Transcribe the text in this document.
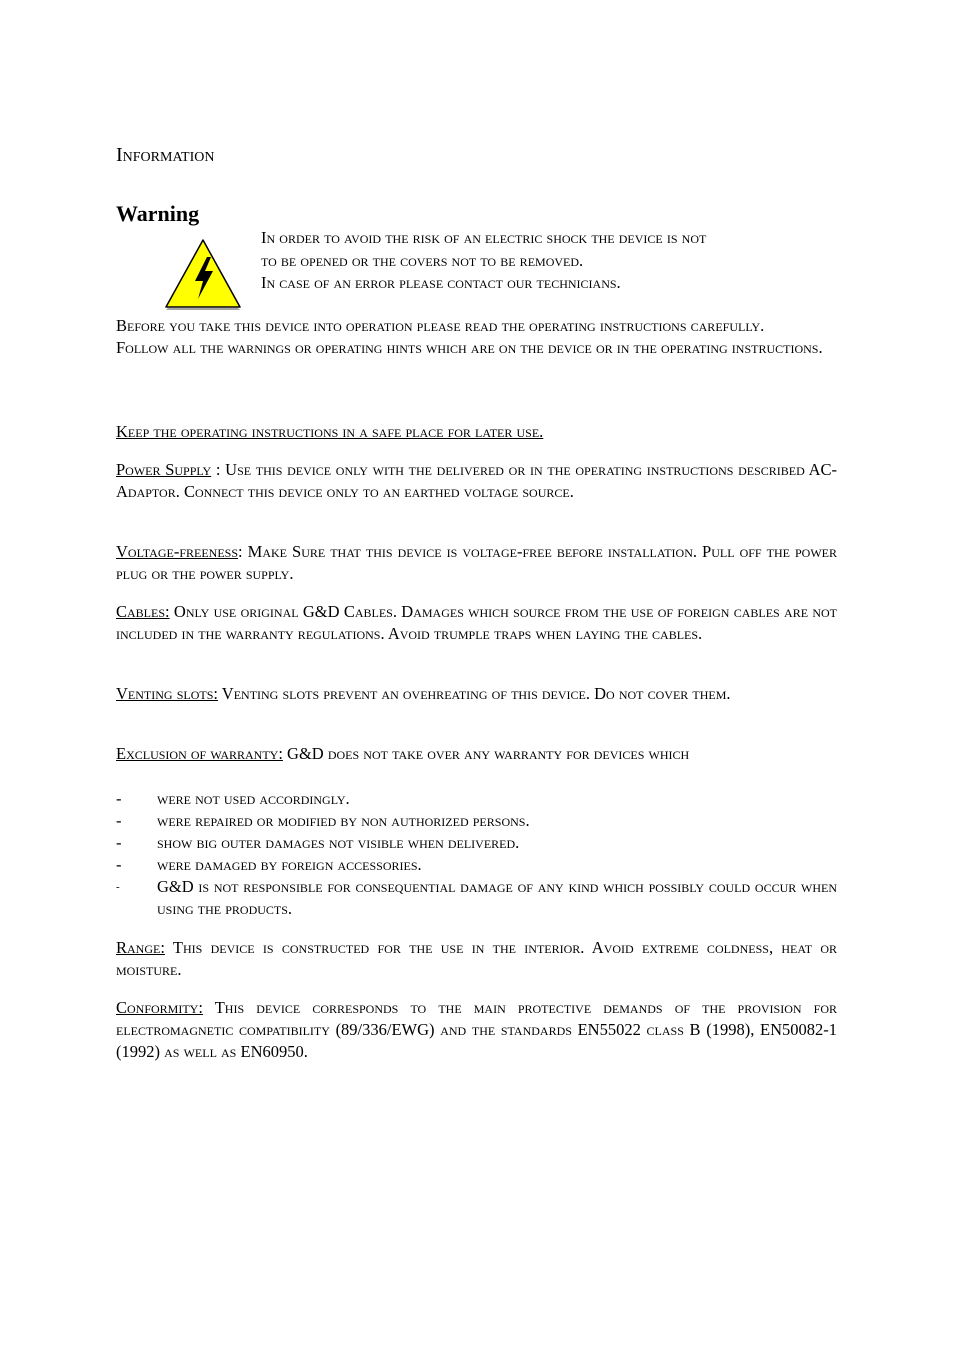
Information
Warning
In order to avoid the risk of an electric shock the device is not
to be opened or the covers not to be removed.
In case of an error please contact our technicians.

Before you take this device into operation please read the operating instructions carefully.

Follow all the warnings or operating hints which are on the device or in the operating instructions.

Keep the operating instructions in a safe place for later use.

Power Supply : Use this device only with the delivered or in the operating instructions described AC-Adaptor. Connect this device only to an earthed voltage source.

Voltage-freeness: Make Sure that this device is voltage-free before installation. Pull off the power plug or the power supply.

Cables: Only use original G&D Cables. Damages which source from the use of foreign cables are not included in the warranty regulations. Avoid trumple traps when laying the cables.

Venting slots: Venting slots prevent an ovehreating of this device. Do not cover them.

Exclusion of warranty: G&D does not take over any warranty for devices which

-	were not used accordingly.
-	were repaired or modified by non authorized persons.
-	show big outer damages not visible when delivered.
-	were damaged by foreign accessories.
-	G&D is not responsible for consequential damage of any kind which possibly could occur when using the products.

Range: This device is constructed for the use in the interior. Avoid extreme coldness, heat or moisture.

Conformity: This device corresponds to the main protective demands of the provision for electromagnetic compatibility (89/336/EWG) and the standards EN55022 class B (1998), EN50082-1 (1992) as well as EN60950.
